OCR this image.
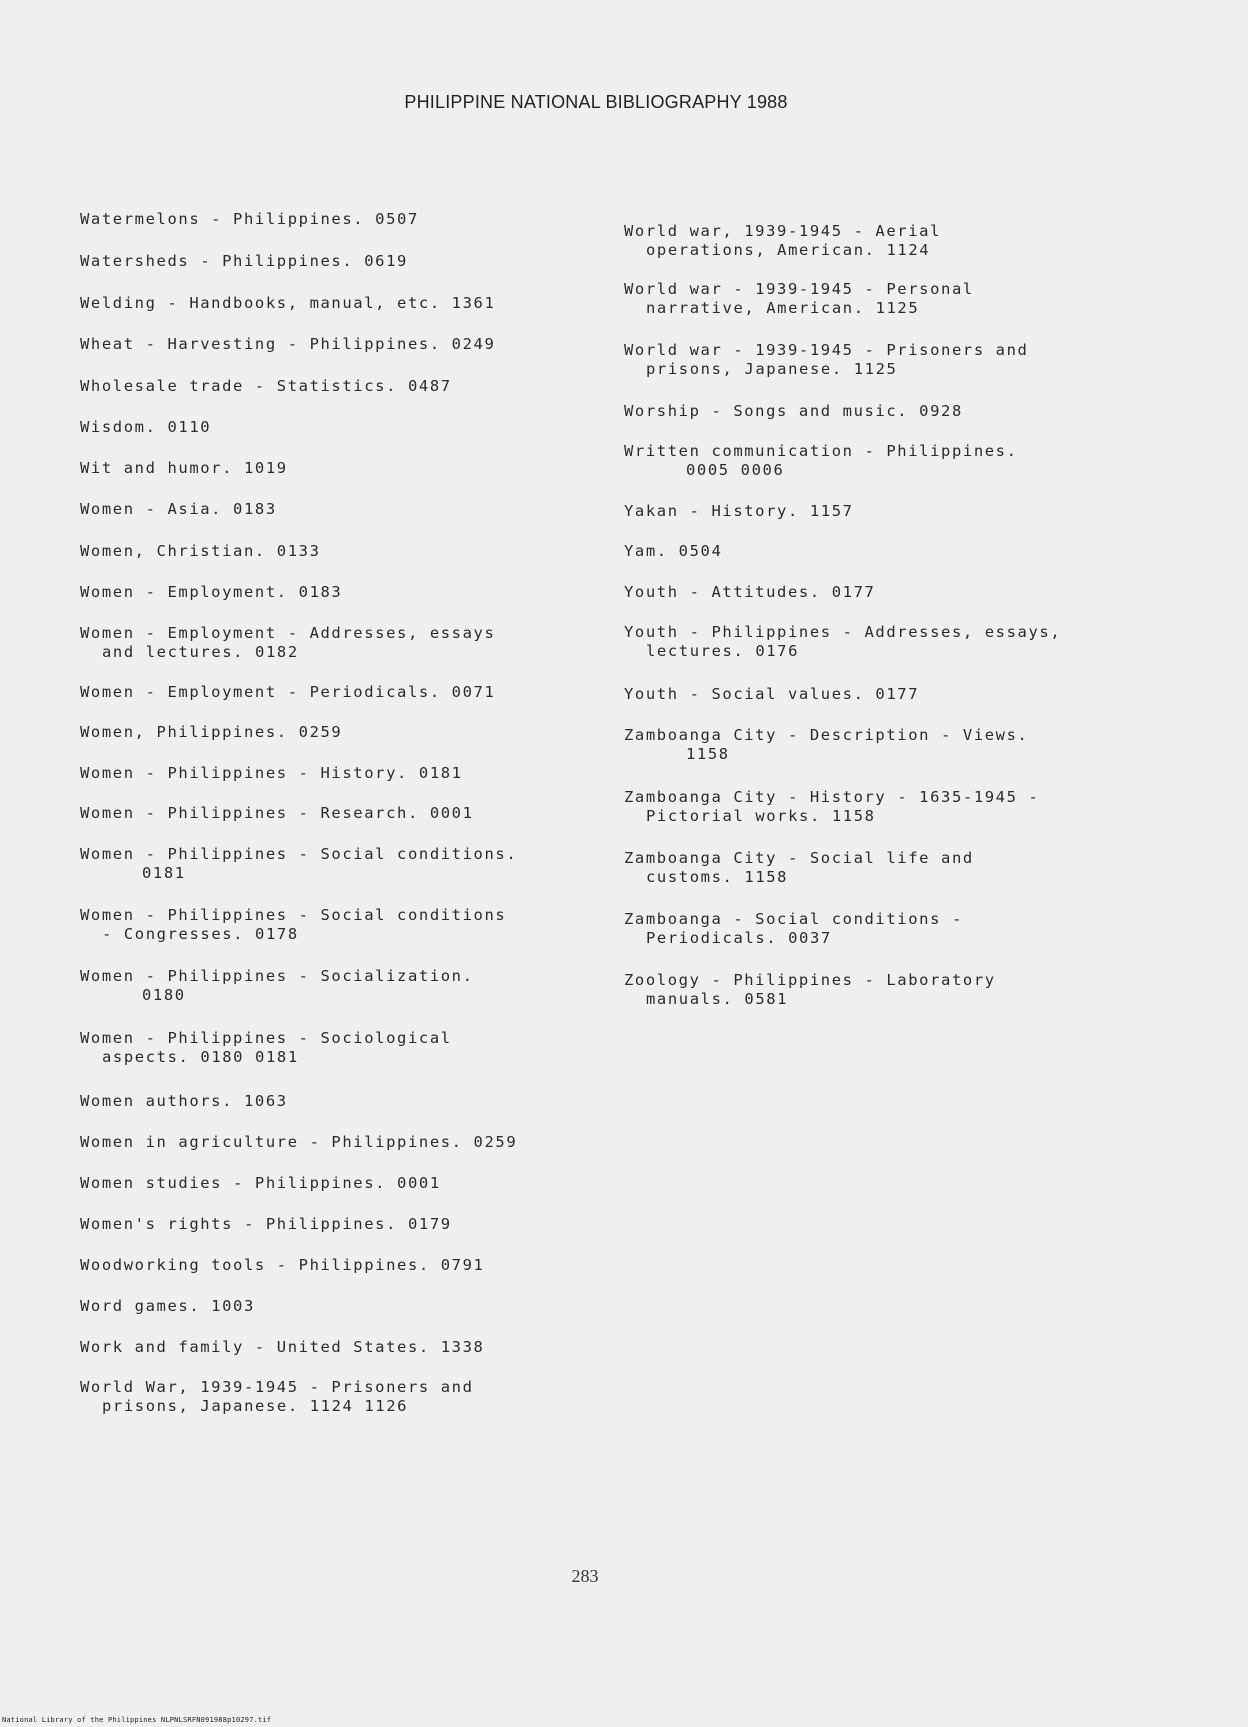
PHILIPPINE NATIONAL BIBLIOGRAPHY 1988
Watermelons - Philippines. 0507
Watersheds - Philippines. 0619
Welding - Handbooks, manual, etc. 1361
Wheat - Harvesting - Philippines. 0249
Wholesale trade - Statistics. 0487
Wisdom. 0110
Wit and humor. 1019
Women - Asia. 0183
Women, Christian. 0133
Women - Employment. 0183
Women - Employment - Addresses, essays
and lectures. 0182
Women - Employment - Periodicals. 0071
Women, Philippines. 0259
Women - Philippines - History. 0181
Women - Philippines - Research. 0001
Women - Philippines - Social conditions.
0181
Women - Philippines - Social conditions
- Congresses. 0178
Women - Philippines - Socialization.
0180
Women - Philippines - Sociological
aspects. 0180 0181
Women authors. 1063
Women in agriculture - Philippines. 0259
Women studies - Philippines. 0001
Women's rights - Philippines. 0179
Woodworking tools - Philippines. 0791
Word games. 1003
Work and family - United States. 1338
World War, 1939-1945 - Prisoners and
prisons, Japanese. 1124 1126
World war, 1939-1945 - Aerial
operations, American. 1124
World war - 1939-1945 - Personal
narrative, American. 1125
World war - 1939-1945 - Prisoners and
prisons, Japanese. 1125
Worship - Songs and music. 0928
Written communication - Philippines.
0005 0006
Yakan - History. 1157
Yam. 0504
Youth - Attitudes. 0177
Youth - Philippines - Addresses, essays,
lectures. 0176
Youth - Social values. 0177
Zamboanga City - Description - Views.
1158
Zamboanga City - History - 1635-1945 -
Pictorial works. 1158
Zamboanga City - Social life and
customs. 1158
Zamboanga - Social conditions -
Periodicals. 0037
Zoology - Philippines - Laboratory
manuals. 0581
283
National Library of the Philippines NLPNLSRFN091988p10297.tif
